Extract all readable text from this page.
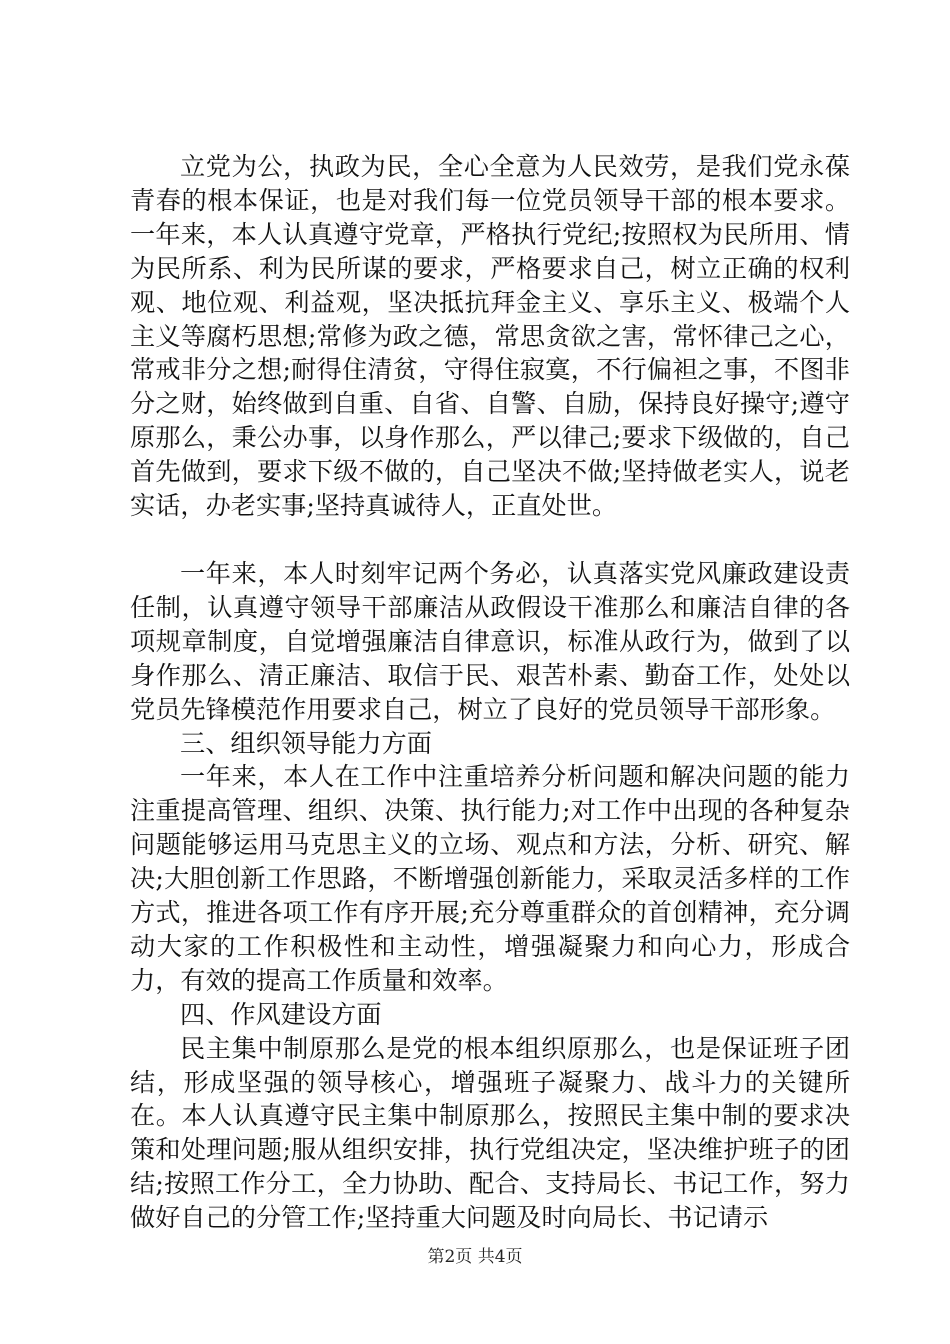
立党为公，执政为民，全心全意为人民效劳，是我们党永葆青春的根本保证，也是对我们每一位党员领导干部的根本要求。一年来，本人认真遵守党章，严格执行党纪;按照权为民所用、情为民所系、利为民所谋的要求，严格要求自己，树立正确的权利观、地位观、利益观，坚决抵抗拜金主义、享乐主义、极端个人主义等腐朽思想;常修为政之德，常思贪欲之害，常怀律己之心，常戒非分之想;耐得住清贫，守得住寂寞，不行偏袒之事，不图非分之财，始终做到自重、自省、自警、自励，保持良好操守;遵守原那么，秉公办事，以身作那么，严以律己;要求下级做的，自己首先做到，要求下级不做的，自己坚决不做;坚持做老实人，说老实话，办老实事;坚持真诚待人，正直处世。

一年来，本人时刻牢记两个务必，认真落实党风廉政建设责任制，认真遵守领导干部廉洁从政假设干准那么和廉洁自律的各项规章制度，自觉增强廉洁自律意识，标准从政行为，做到了以身作那么、清正廉洁、取信于民、艰苦朴素、勤奋工作，处处以党员先锋模范作用要求自己，树立了良好的党员领导干部形象。

三、组织领导能力方面

一年来，本人在工作中注重培养分析问题和解决问题的能力注重提高管理、组织、决策、执行能力;对工作中出现的各种复杂问题能够运用马克思主义的立场、观点和方法，分析、研究、解决;大胆创新工作思路，不断增强创新能力，采取灵活多样的工作方式，推进各项工作有序开展;充分尊重群众的首创精神，充分调动大家的工作积极性和主动性，增强凝聚力和向心力，形成合力，有效的提高工作质量和效率。

四、作风建设方面

民主集中制原那么是党的根本组织原那么，也是保证班子团结，形成坚强的领导核心，增强班子凝聚力、战斗力的关键所在。本人认真遵守民主集中制原那么，按照民主集中制的要求决策和处理问题;服从组织安排，执行党组决定，坚决维护班子的团结;按照工作分工，全力协助、配合、支持局长、书记工作，努力做好自己的分管工作;坚持重大问题及时向局长、书记请示

第2页 共4页
